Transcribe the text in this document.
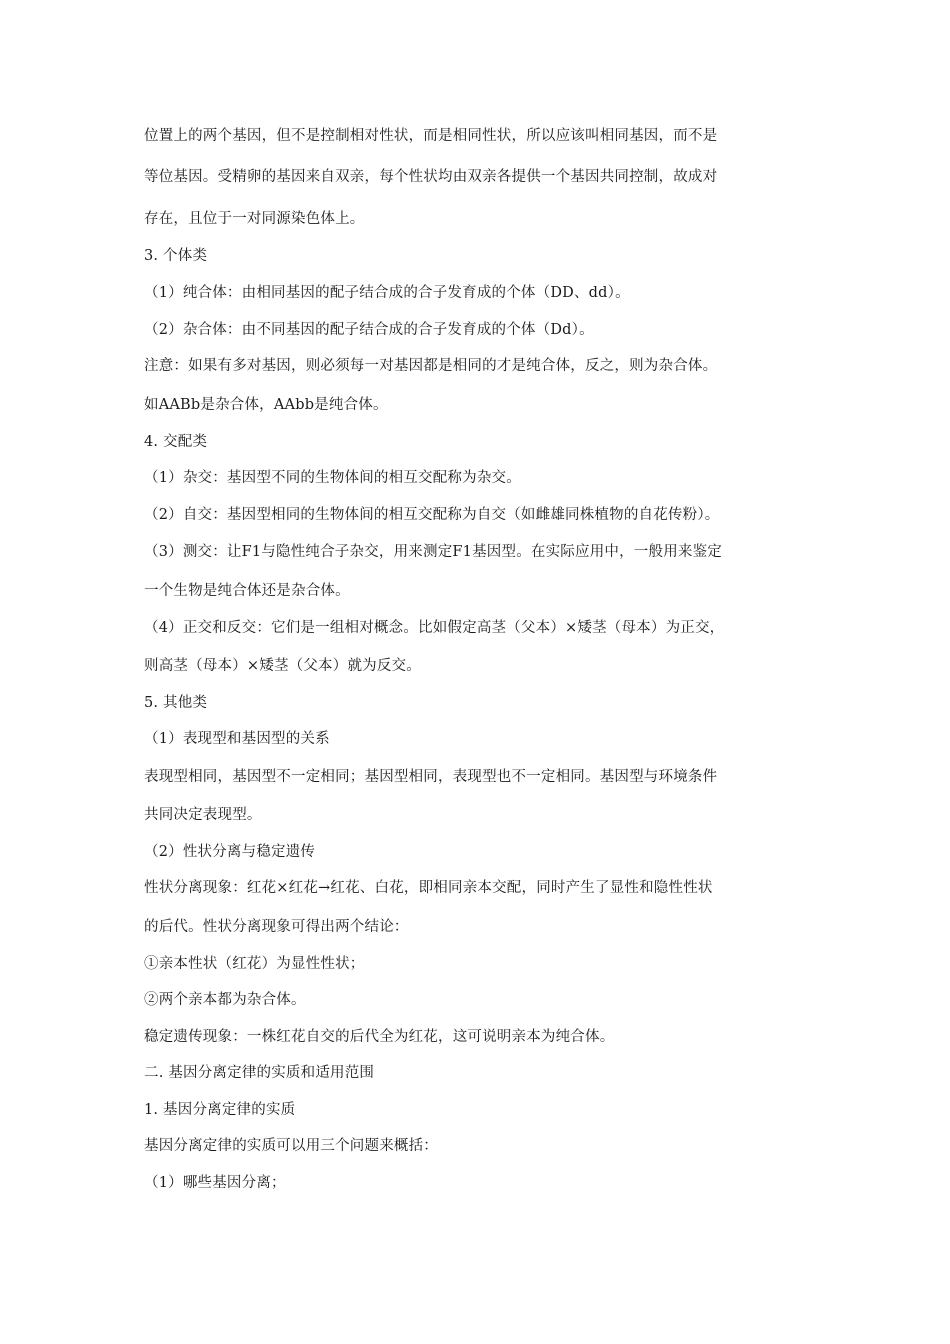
位置上的两个基因，但不是控制相对性状，而是相同性状，所以应该叫相同基因，而不是
等位基因。受精卵的基因来自双亲，每个性状均由双亲各提供一个基因共同控制，故成对
存在，且位于一对同源染色体上。
3. 个体类
（1）纯合体：由相同基因的配子结合成的合子发育成的个体（DD、dd）。
（2）杂合体：由不同基因的配子结合成的合子发育成的个体（Dd）。
注意：如果有多对基因，则必须每一对基因都是相同的才是纯合体，反之，则为杂合体。
如AABb是杂合体，AAbb是纯合体。
4. 交配类
（1）杂交：基因型不同的生物体间的相互交配称为杂交。
（2）自交：基因型相同的生物体间的相互交配称为自交（如雌雄同株植物的自花传粉）。
（3）测交：让F1与隐性纯合子杂交，用来测定F1基因型。在实际应用中，一般用来鉴定
一个生物是纯合体还是杂合体。
（4）正交和反交：它们是一组相对概念。比如假定高茎（父本）×矮茎（母本）为正交，
则高茎（母本）×矮茎（父本）就为反交。
5. 其他类
（1）表现型和基因型的关系
表现型相同，基因型不一定相同；基因型相同，表现型也不一定相同。基因型与环境条件
共同决定表现型。
（2）性状分离与稳定遗传
性状分离现象：红花×红花→红花、白花，即相同亲本交配，同时产生了显性和隐性性状
的后代。性状分离现象可得出两个结论：
①亲本性状（红花）为显性性状；
②两个亲本都为杂合体。
稳定遗传现象：一株红花自交的后代全为红花，这可说明亲本为纯合体。
二. 基因分离定律的实质和适用范围
1. 基因分离定律的实质
基因分离定律的实质可以用三个问题来概括：
（1）哪些基因分离；
